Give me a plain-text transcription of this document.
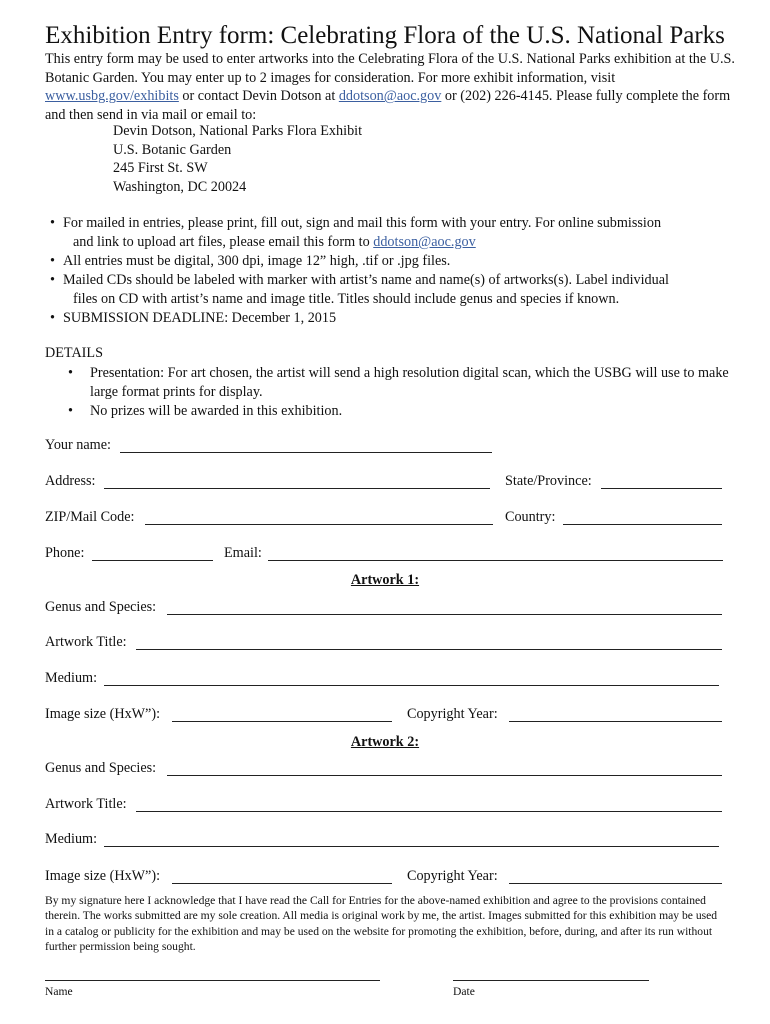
Exhibition Entry form: Celebrating Flora of the U.S. National Parks
This entry form may be used to enter artworks into the Celebrating Flora of the U.S. National Parks exhibition at the U.S. Botanic Garden. You may enter up to 2 images for consideration. For more exhibit information, visit www.usbg.gov/exhibits or contact Devin Dotson at ddotson@aoc.gov or (202) 226-4145. Please fully complete the form and then send in via mail or email to:
Devin Dotson, National Parks Flora Exhibit
U.S. Botanic Garden
245 First St. SW
Washington, DC 20024
• For mailed in entries, please print, fill out, sign and mail this form with your entry. For online submission
and link to upload art files, please email this form to ddotson@aoc.gov
• All entries must be digital, 300 dpi, image 12” high, .tif or .jpg files.
• Mailed CDs should be labeled with marker with artist’s name and name(s) of artworks(s). Label individual
files on CD with artist’s name and image title. Titles should include genus and species if known.
• SUBMISSION DEADLINE: December 1, 2015
DETAILS
•	Presentation: For art chosen, the artist will send a high resolution digital scan, which the USBG will use to make large format prints for display.
•	No prizes will be awarded in this exhibition.
Your name:
Address:	State/Province:
ZIP/Mail Code:	Country:
Phone:	Email:
Artwork 1:
Genus and Species:
Artwork Title:
Medium:
Image size (HxW”):	Copyright Year:
Artwork 2:
Genus and Species:
Artwork Title:
Medium:
Image size (HxW”):	Copyright Year:
By my signature here I acknowledge that I have read the Call for Entries for the above-named exhibition and agree to the provisions contained therein. The works submitted are my sole creation. All media is original work by me, the artist. Images submitted for this exhibition may be used in a catalog or publicity for the exhibition and may be used on the website for promoting the exhibition, before, during, and after its run without further permission being sought.
Name	Date
